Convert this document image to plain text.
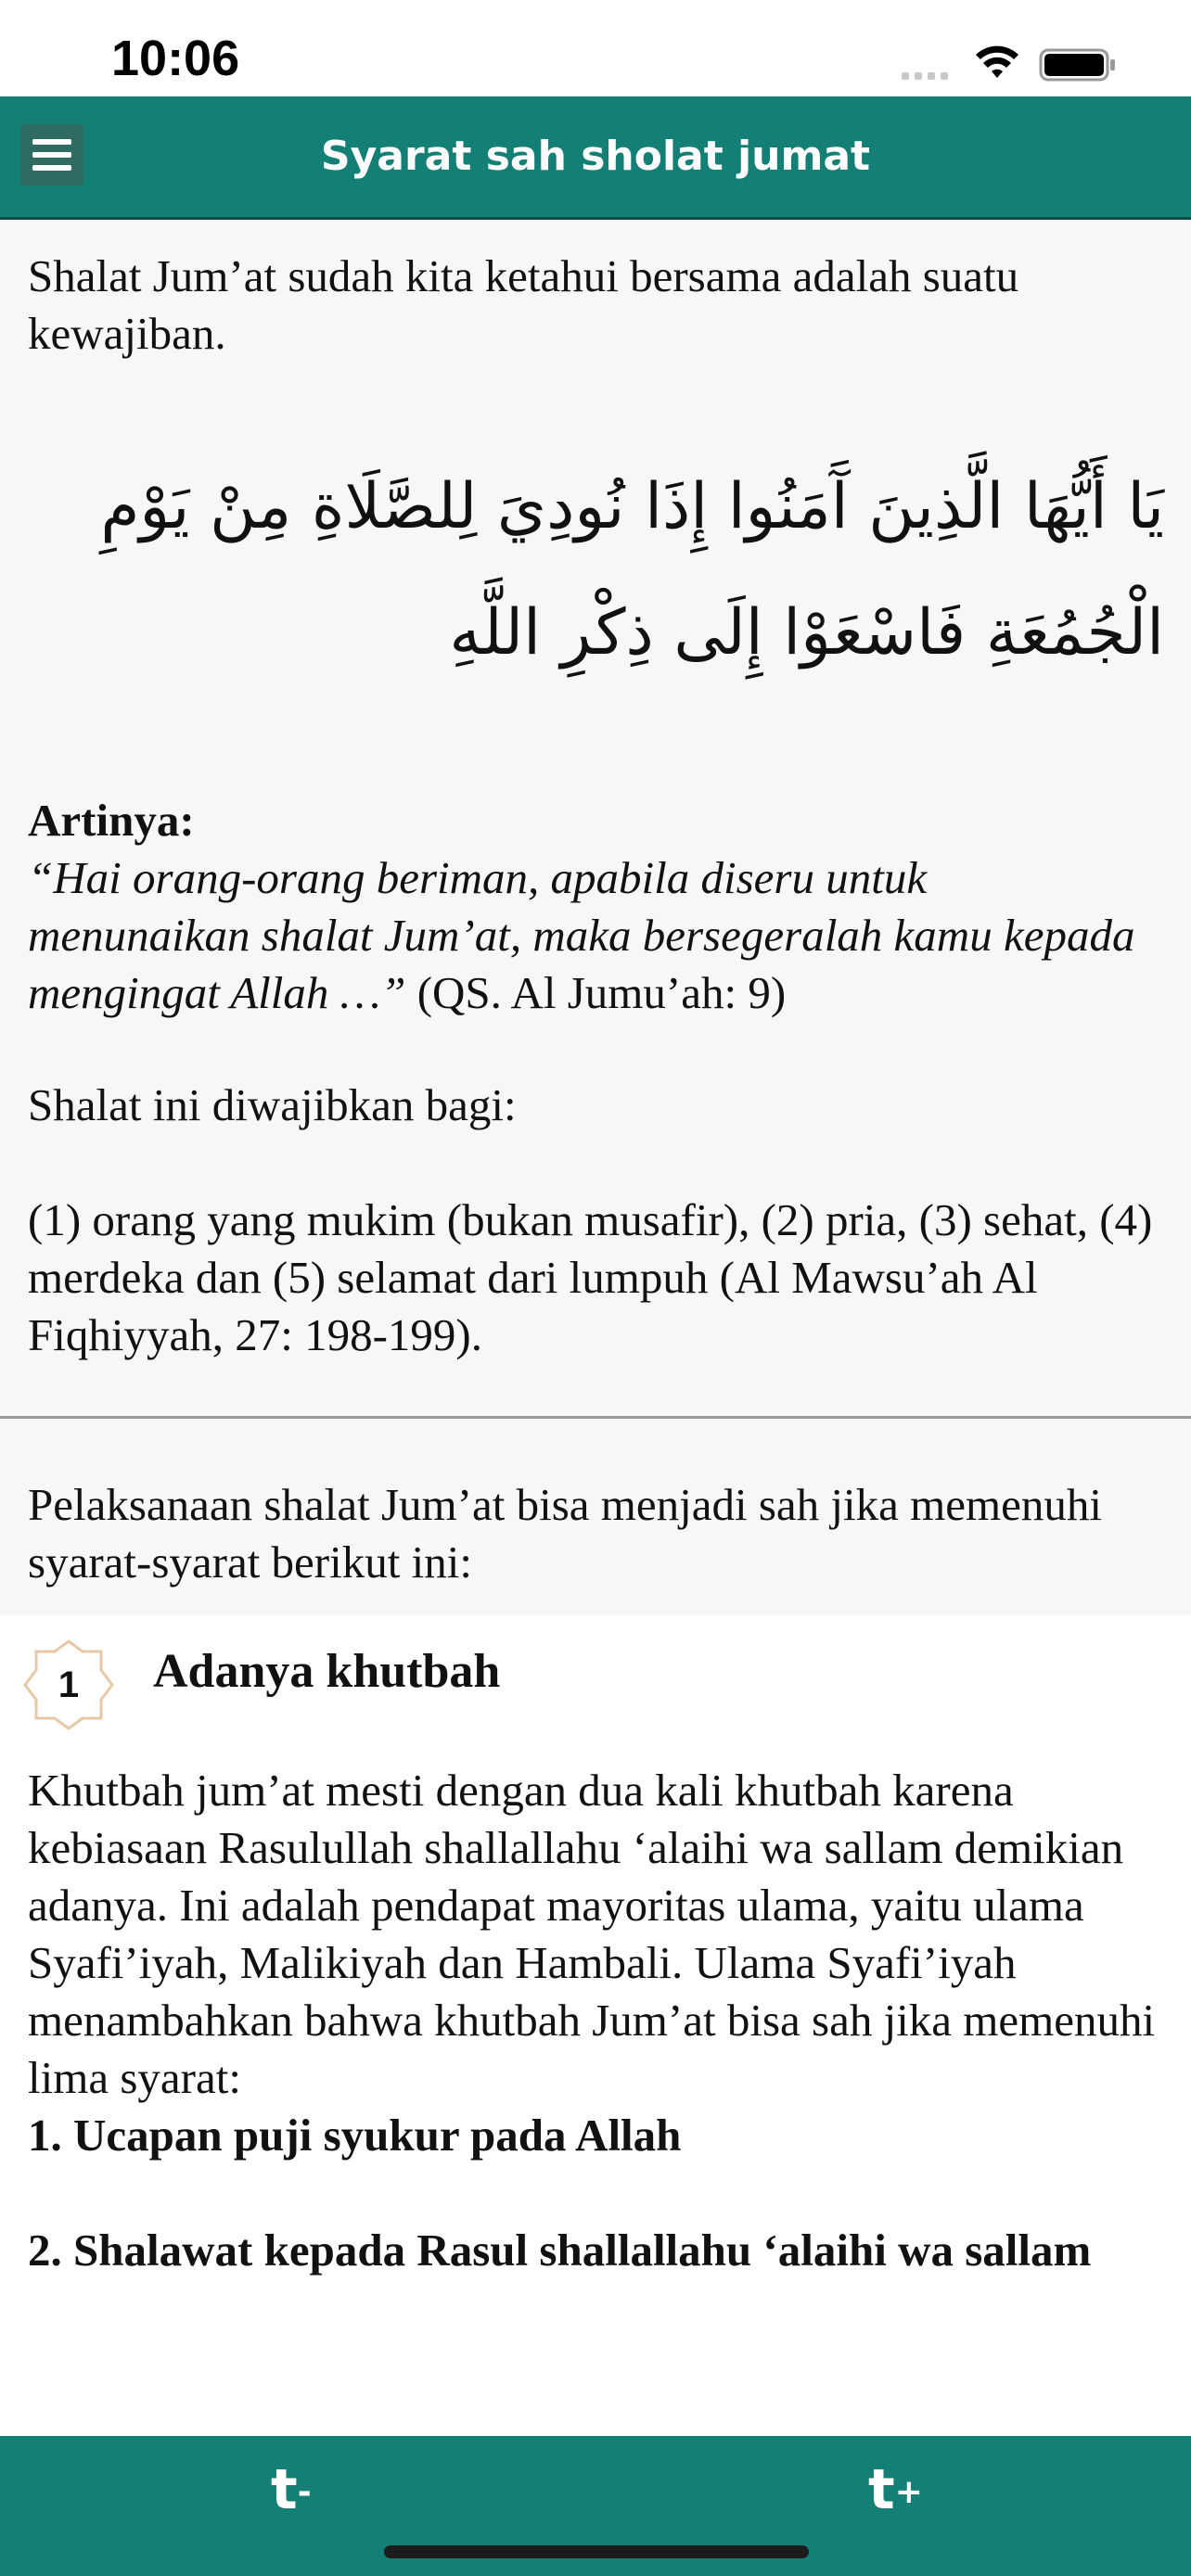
10:06
Syarat sah sholat jumat

Shalat Jum’at sudah kita ketahui bersama adalah suatu kewajiban.

يَا أَيُّهَا الَّذِينَ آَمَنُوا إِذَا نُودِيَ لِلصَّلَاةِ مِنْ يَوْمِ الْجُمُعَةِ فَاسْعَوْا إِلَى ذِكْرِ اللَّهِ

Artinya:
“Hai orang-orang beriman, apabila diseru untuk menunaikan shalat Jum’at, maka bersegeralah kamu kepada mengingat Allah …” (QS. Al Jumu’ah: 9)

Shalat ini diwajibkan bagi:

(1) orang yang mukim (bukan musafir), (2) pria, (3) sehat, (4) merdeka dan (5) selamat dari lumpuh (Al Mawsu’ah Al Fiqhiyyah, 27: 198-199).

Pelaksanaan shalat Jum’at bisa menjadi sah jika memenuhi syarat-syarat berikut ini:

1	Adanya khutbah

Khutbah jum’at mesti dengan dua kali khutbah karena kebiasaan Rasulullah shallallahu ‘alaihi wa sallam demikian adanya. Ini adalah pendapat mayoritas ulama, yaitu ulama Syafi’iyah, Malikiyah dan Hambali. Ulama Syafi’iyah menambahkan bahwa khutbah Jum’at bisa sah jika memenuhi lima syarat:

1. Ucapan puji syukur pada Allah

2. Shalawat kepada Rasul shallallahu ‘alaihi wa sallam

$t_-$	$t_+$
